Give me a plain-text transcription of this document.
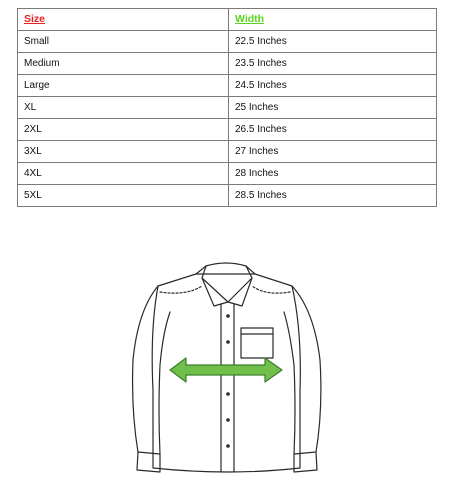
Size	Width
Small	22.5 Inches
Medium	23.5 Inches
Large	24.5 Inches
XL	25 Inches
2XL	26.5 Inches
3XL	27 Inches
4XL	28 Inches
5XL	28.5 Inches
